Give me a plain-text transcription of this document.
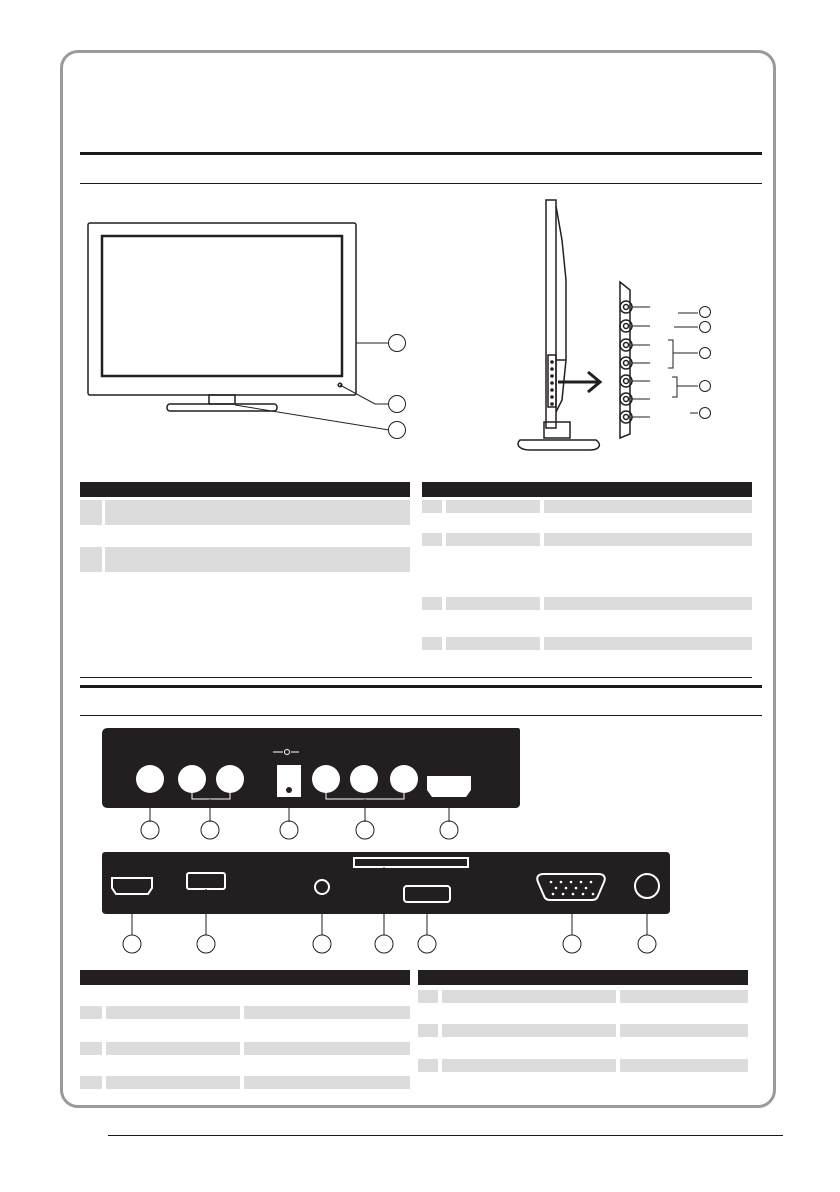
DC 12V/3A
